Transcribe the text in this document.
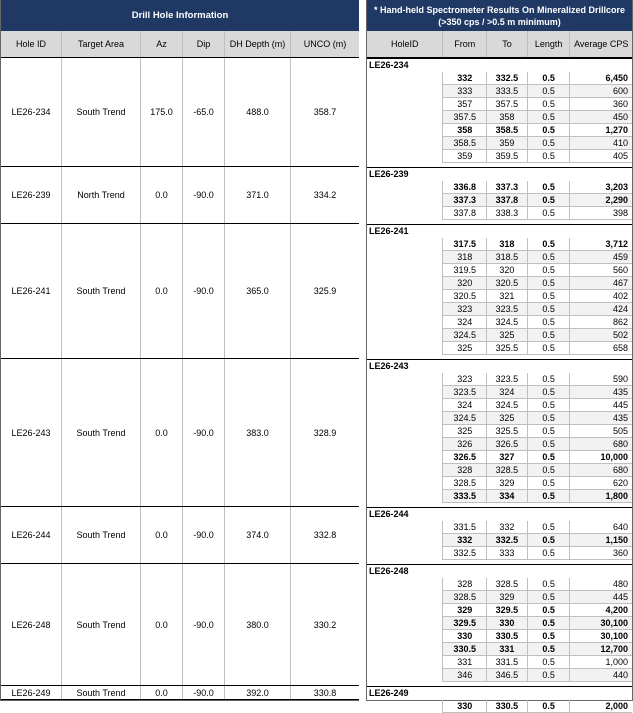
Drill Hole Information
Hole ID	Target Area	Az	Dip	DH Depth (m)	UNCO (m)
LE26-234	South Trend	175.0	-65.0	488.0	358.7
LE26-239	North Trend	0.0	-90.0	371.0	334.2
LE26-241	South Trend	0.0	-90.0	365.0	325.9
LE26-243	South Trend	0.0	-90.0	383.0	328.9
LE26-244	South Trend	0.0	-90.0	374.0	332.8
LE26-248	South Trend	0.0	-90.0	380.0	330.2
LE26-249	South Trend	0.0	-90.0	392.0	330.8
* Hand-held Spectrometer Results On Mineralized Drillcore
(>350 cps / >0.5 m minimum)
HoleID	From	To	Length	Average CPS
LE26-234
332	332.5	0.5	6,450
333	333.5	0.5	600
357	357.5	0.5	360
357.5	358	0.5	450
358	358.5	0.5	1,270
358.5	359	0.5	410
359	359.5	0.5	405
LE26-239
336.8	337.3	0.5	3,203
337.3	337.8	0.5	2,290
337.8	338.3	0.5	398
LE26-241
317.5	318	0.5	3,712
318	318.5	0.5	459
319.5	320	0.5	560
320	320.5	0.5	467
320.5	321	0.5	402
323	323.5	0.5	424
324	324.5	0.5	862
324.5	325	0.5	502
325	325.5	0.5	658
LE26-243
323	323.5	0.5	590
323.5	324	0.5	435
324	324.5	0.5	445
324.5	325	0.5	435
325	325.5	0.5	505
326	326.5	0.5	680
326.5	327	0.5	10,000
328	328.5	0.5	680
328.5	329	0.5	620
333.5	334	0.5	1,800
LE26-244
331.5	332	0.5	640
332	332.5	0.5	1,150
332.5	333	0.5	360
LE26-248
328	328.5	0.5	480
328.5	329	0.5	445
329	329.5	0.5	4,200
329.5	330	0.5	30,100
330	330.5	0.5	30,100
330.5	331	0.5	12,700
331	331.5	0.5	1,000
346	346.5	0.5	440
LE26-249
330	330.5	0.5	2,000
